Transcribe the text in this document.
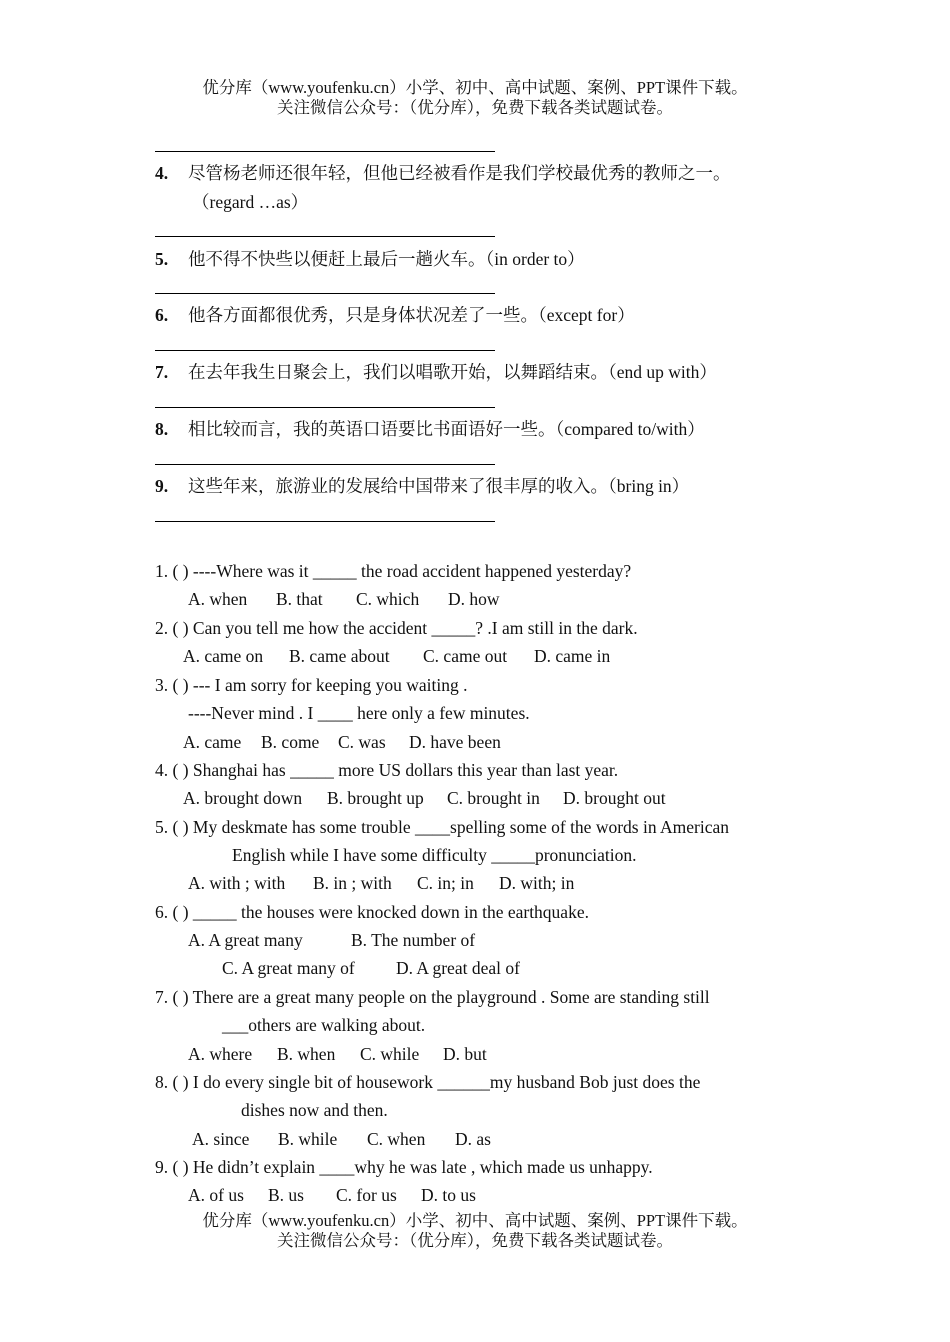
优分库（www.youfenku.cn）小学、初中、高中试题、案例、PPT课件下载。
关注微信公众号：（优分库），免费下载各类试题试卷。
4. 尽管杨老师还很年轻，但他已经被看作是我们学校最优秀的教师之一。
（regard …as）
5. 他不得不快些以便赶上最后一趟火车。（in order to）
6. 他各方面都很优秀，只是身体状况差了一些。（except for）
7. 在去年我生日聚会上，我们以唱歌开始，以舞蹈结束。（end up with）
8. 相比较而言，我的英语口语要比书面语好一些。（compared to/with）
9. 这些年来，旅游业的发展给中国带来了很丰厚的收入。（bring in）
1. ( ) ----Where was it _____ the road accident happened yesterday?
A. when B. that C. which D. how
2. ( ) Can you tell me how the accident _____? .I am still in the dark.
A. came on B. came about C. came out D. came in
3. ( ) --- I am sorry for keeping you waiting .
----Never mind . I ____ here only a few minutes.
A. came B. come C. was D. have been
4. ( ) Shanghai has _____ more US dollars this year than last year.
A. brought down B. brought up C. brought in D. brought out
5. ( ) My deskmate has some trouble ____spelling some of the words in American
English while I have some difficulty _____pronunciation.
A. with ; with B. in ; with C. in; in D. with; in
6. ( ) _____ the houses were knocked down in the earthquake.
A. A great many	B. The number of
C. A great many of D. A great deal of
7. ( ) There are a great many people on the playground . Some are standing still
___others are walking about.
A. where B. when C. while D. but
8. ( ) I do every single bit of housework ______my husband Bob just does the
dishes now and then.
A. since B. while C. when D. as
9. ( ) He didn’t explain ____why he was late , which made us unhappy.
A. of us B. us C. for us D. to us
优分库（www.youfenku.cn）小学、初中、高中试题、案例、PPT课件下载。
关注微信公众号：（优分库），免费下载各类试题试卷。
